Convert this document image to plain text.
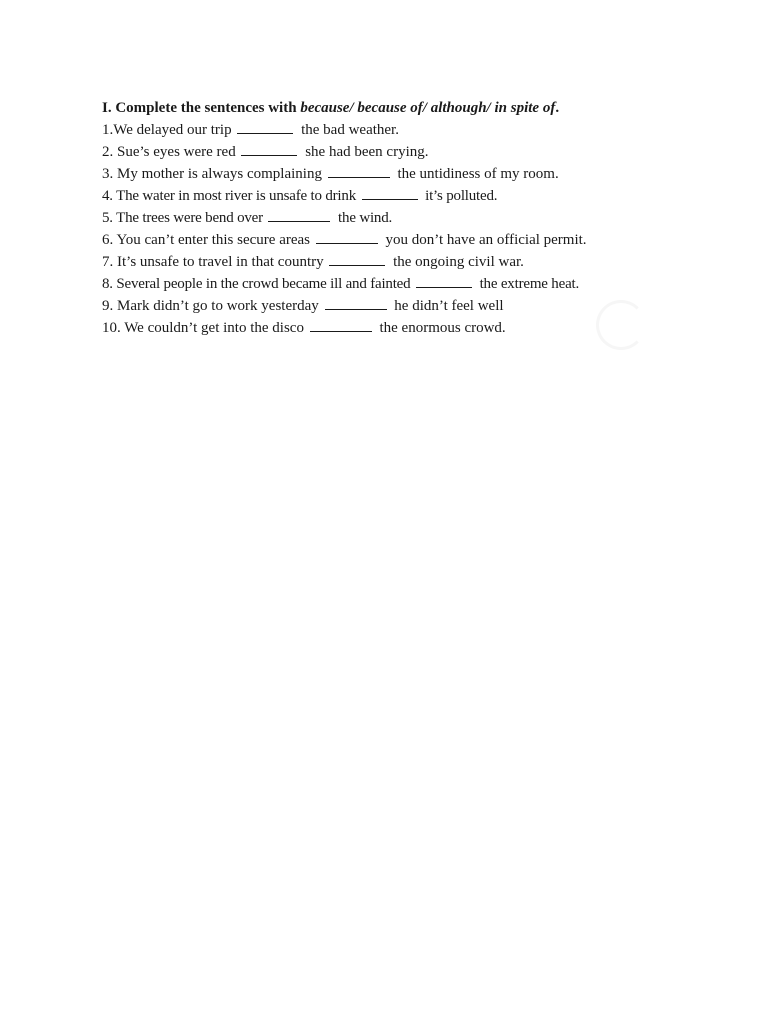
I. Complete the sentences with because/ because of/ although/ in spite of.
1.We delayed our trip	the bad weather.
2. Sue’s eyes were red	she had been crying.
3. My mother is always complaining	the untidiness of my room.
4. The water in most river is unsafe to drink	it’s polluted.
5. The trees were bend over	the wind.
6. You can’t enter this secure areas	you don’t have an official permit.
7. It’s unsafe to travel in that country	the ongoing civil war.
8. Several people in the crowd became ill and fainted	the extreme heat.
9. Mark didn’t go to work yesterday	he didn’t feel well
10. We couldn’t get into the disco	the enormous crowd.
